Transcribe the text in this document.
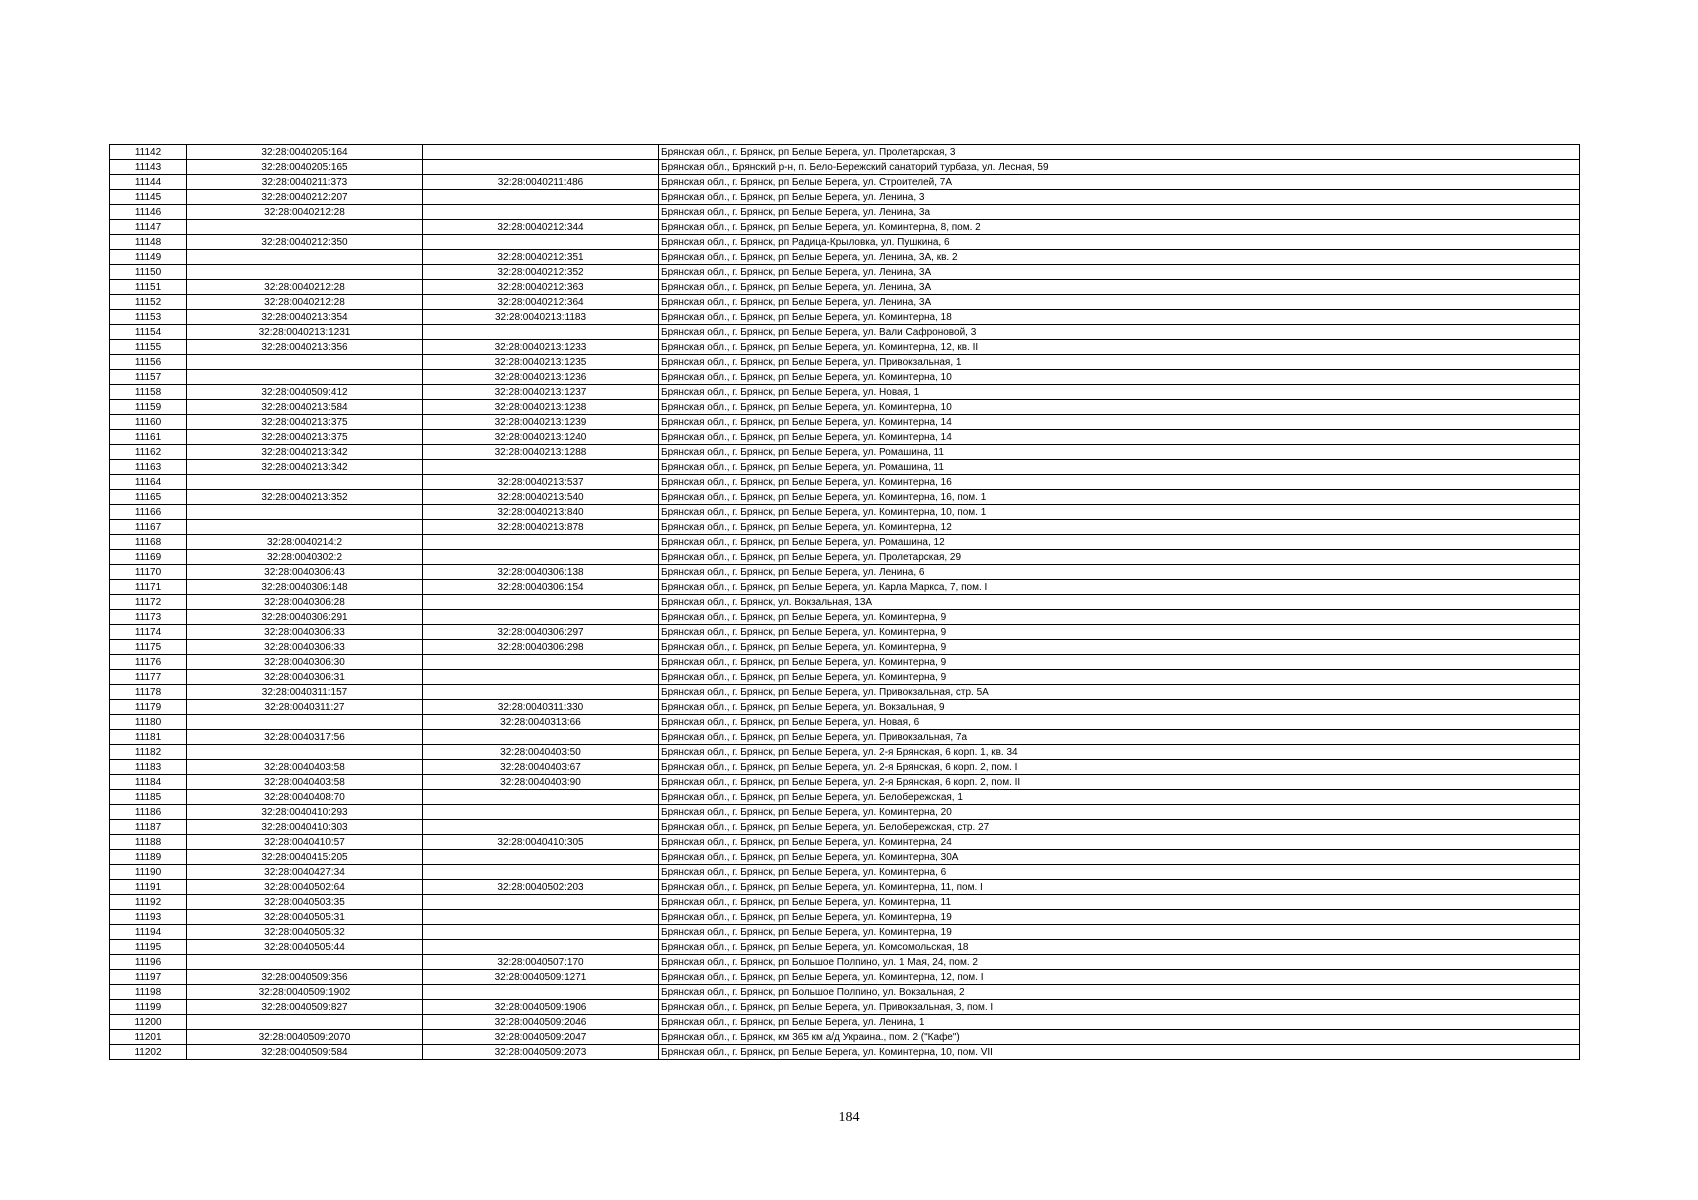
11142	32:28:0040205:164		Брянская обл., г. Брянск, рп Белые Берега, ул. Пролетарская, 3
11143	32:28:0040205:165		Брянская обл., Брянский р-н, п. Бело-Бережский санаторий турбаза, ул. Лесная, 59
11144	32:28:0040211:373	32:28:0040211:486	Брянская обл., г. Брянск, рп Белые Берега, ул. Строителей, 7А
11145	32:28:0040212:207		Брянская обл., г. Брянск, рп Белые Берега, ул. Ленина, 3
11146	32:28:0040212:28		Брянская обл., г. Брянск, рп Белые Берега, ул. Ленина, 3а
11147		32:28:0040212:344	Брянская обл., г. Брянск, рп Белые Берега, ул. Коминтерна, 8, пом. 2
11148	32:28:0040212:350		Брянская обл., г. Брянск, рп Радица-Крыловка, ул. Пушкина, 6
11149		32:28:0040212:351	Брянская обл., г. Брянск, рп Белые Берега, ул. Ленина, 3А, кв. 2
11150		32:28:0040212:352	Брянская обл., г. Брянск, рп Белые Берега, ул. Ленина, 3А
11151	32:28:0040212:28	32:28:0040212:363	Брянская обл., г. Брянск, рп Белые Берега, ул. Ленина, 3А
11152	32:28:0040212:28	32:28:0040212:364	Брянская обл., г. Брянск, рп Белые Берега, ул. Ленина, 3А
11153	32:28:0040213:354	32:28:0040213:1183	Брянская обл., г. Брянск, рп Белые Берега, ул. Коминтерна, 18
11154	32:28:0040213:1231		Брянская обл., г. Брянск, рп Белые Берега, ул. Вали Сафроновой, 3
11155	32:28:0040213:356	32:28:0040213:1233	Брянская обл., г. Брянск, рп Белые Берега, ул. Коминтерна, 12, кв. II
11156		32:28:0040213:1235	Брянская обл., г. Брянск, рп Белые Берега, ул. Привокзальная, 1
11157		32:28:0040213:1236	Брянская обл., г. Брянск, рп Белые Берега, ул. Коминтерна, 10
11158	32:28:0040509:412	32:28:0040213:1237	Брянская обл., г. Брянск, рп Белые Берега, ул. Новая, 1
11159	32:28:0040213:584	32:28:0040213:1238	Брянская обл., г. Брянск, рп Белые Берега, ул. Коминтерна, 10
11160	32:28:0040213:375	32:28:0040213:1239	Брянская обл., г. Брянск, рп Белые Берега, ул. Коминтерна, 14
11161	32:28:0040213:375	32:28:0040213:1240	Брянская обл., г. Брянск, рп Белые Берега, ул. Коминтерна, 14
11162	32:28:0040213:342	32:28:0040213:1288	Брянская обл., г. Брянск, рп Белые Берега, ул. Ромашина, 11
11163	32:28:0040213:342		Брянская обл., г. Брянск, рп Белые Берега, ул. Ромашина, 11
11164		32:28:0040213:537	Брянская обл., г. Брянск, рп Белые Берега, ул. Коминтерна, 16
11165	32:28:0040213:352	32:28:0040213:540	Брянская обл., г. Брянск, рп Белые Берега, ул. Коминтерна, 16, пом. 1
11166		32:28:0040213:840	Брянская обл., г. Брянск, рп Белые Берега, ул. Коминтерна, 10, пом. 1
11167		32:28:0040213:878	Брянская обл., г. Брянск, рп Белые Берега, ул. Коминтерна, 12
11168	32:28:0040214:2		Брянская обл., г. Брянск, рп Белые Берега, ул. Ромашина, 12
11169	32:28:0040302:2		Брянская обл., г. Брянск, рп Белые Берега, ул. Пролетарская, 29
11170	32:28:0040306:43	32:28:0040306:138	Брянская обл., г. Брянск, рп Белые Берега, ул. Ленина, 6
11171	32:28:0040306:148	32:28:0040306:154	Брянская обл., г. Брянск, рп Белые Берега, ул. Карла Маркса, 7, пом. I
11172	32:28:0040306:28		Брянская обл., г. Брянск, ул. Вокзальная, 13А
11173	32:28:0040306:291		Брянская обл., г. Брянск, рп Белые Берега, ул. Коминтерна, 9
11174	32:28:0040306:33	32:28:0040306:297	Брянская обл., г. Брянск, рп Белые Берега, ул. Коминтерна, 9
11175	32:28:0040306:33	32:28:0040306:298	Брянская обл., г. Брянск, рп Белые Берега, ул. Коминтерна, 9
11176	32:28:0040306:30		Брянская обл., г. Брянск, рп Белые Берега, ул. Коминтерна, 9
11177	32:28:0040306:31		Брянская обл., г. Брянск, рп Белые Берега, ул. Коминтерна, 9
11178	32:28:0040311:157		Брянская обл., г. Брянск, рп Белые Берега, ул. Привокзальная, стр. 5А
11179	32:28:0040311:27	32:28:0040311:330	Брянская обл., г. Брянск, рп Белые Берега, ул. Вокзальная, 9
11180		32:28:0040313:66	Брянская обл., г. Брянск, рп Белые Берега, ул. Новая, 6
11181	32:28:0040317:56		Брянская обл., г. Брянск, рп Белые Берега, ул. Привокзальная, 7а
11182		32:28:0040403:50	Брянская обл., г. Брянск, рп Белые Берега, ул. 2-я Брянская, 6 корп. 1, кв. 34
11183	32:28:0040403:58	32:28:0040403:67	Брянская обл., г. Брянск, рп Белые Берега, ул. 2-я Брянская, 6 корп. 2, пом. I
11184	32:28:0040403:58	32:28:0040403:90	Брянская обл., г. Брянск, рп Белые Берега, ул. 2-я Брянская, 6 корп. 2, пом. II
11185	32:28:0040408:70		Брянская обл., г. Брянск, рп Белые Берега, ул. Белобережская, 1
11186	32:28:0040410:293		Брянская обл., г. Брянск, рп Белые Берега, ул. Коминтерна, 20
11187	32:28:0040410:303		Брянская обл., г. Брянск, рп Белые Берега, ул. Белобережская, стр. 27
11188	32:28:0040410:57	32:28:0040410:305	Брянская обл., г. Брянск, рп Белые Берега, ул. Коминтерна, 24
11189	32:28:0040415:205		Брянская обл., г. Брянск, рп Белые Берега, ул. Коминтерна, 30А
11190	32:28:0040427:34		Брянская обл., г. Брянск, рп Белые Берега, ул. Коминтерна, 6
11191	32:28:0040502:64	32:28:0040502:203	Брянская обл., г. Брянск, рп Белые Берега, ул. Коминтерна, 11, пом. I
11192	32:28:0040503:35		Брянская обл., г. Брянск, рп Белые Берега, ул. Коминтерна, 11
11193	32:28:0040505:31		Брянская обл., г. Брянск, рп Белые Берега, ул. Коминтерна, 19
11194	32:28:0040505:32		Брянская обл., г. Брянск, рп Белые Берега, ул. Коминтерна, 19
11195	32:28:0040505:44		Брянская обл., г. Брянск, рп Белые Берега, ул. Комсомольская, 18
11196		32:28:0040507:170	Брянская обл., г. Брянск, рп Большое Полпино, ул. 1 Мая, 24, пом. 2
11197	32:28:0040509:356	32:28:0040509:1271	Брянская обл., г. Брянск, рп Белые Берега, ул. Коминтерна, 12, пом. I
11198	32:28:0040509:1902		Брянская обл., г. Брянск, рп Большое Полпино, ул. Вокзальная, 2
11199	32:28:0040509:827	32:28:0040509:1906	Брянская обл., г. Брянск, рп Белые Берега, ул. Привокзальная, 3, пом. I
11200		32:28:0040509:2046	Брянская обл., г. Брянск, рп Белые Берега, ул. Ленина, 1
11201	32:28:0040509:2070	32:28:0040509:2047	Брянская обл., г. Брянск, км 365 км а/д Украина., пом. 2 ("Кафе")
11202	32:28:0040509:584	32:28:0040509:2073	Брянская обл., г. Брянск, рп Белые Берега, ул. Коминтерна, 10, пом. VII
184
